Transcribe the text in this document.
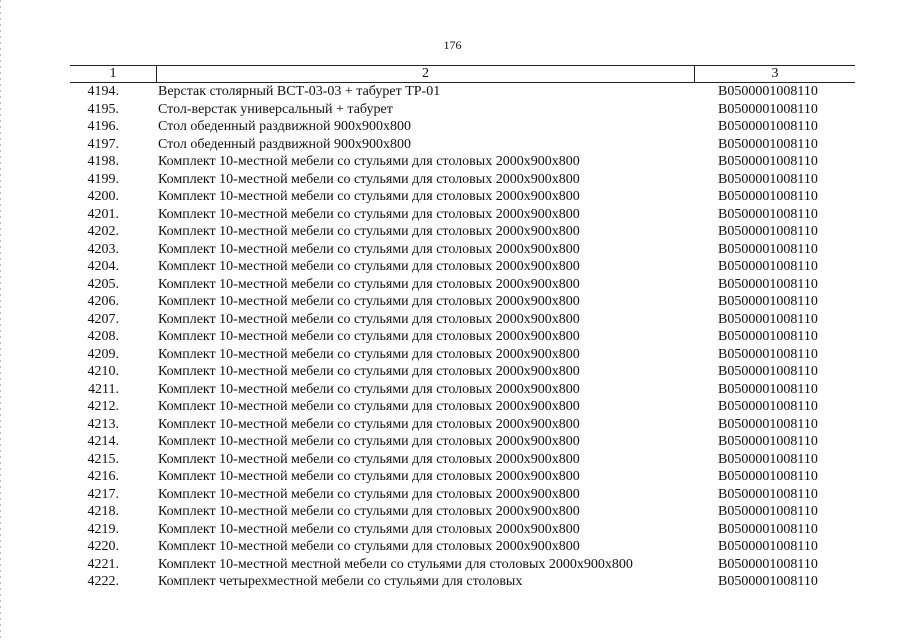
176
1	2	3
4194.	Верстак столярный ВСТ-03-03 + табурет ТР-01	B0500001008110
4195.	Стол-верстак универсальный + табурет	B0500001008110
4196.	Стол обеденный раздвижной 900х900х800	B0500001008110
4197.	Стол обеденный раздвижной 900х900х800	B0500001008110
4198.	Комплект 10-местной мебели со стульями для столовых 2000х900х800	B0500001008110
4199.	Комплект 10-местной мебели со стульями для столовых 2000х900х800	B0500001008110
4200.	Комплект 10-местной мебели со стульями для столовых 2000х900х800	B0500001008110
4201.	Комплект 10-местной мебели со стульями для столовых 2000х900х800	B0500001008110
4202.	Комплект 10-местной мебели со стульями для столовых 2000х900х800	B0500001008110
4203.	Комплект 10-местной мебели со стульями для столовых 2000х900х800	B0500001008110
4204.	Комплект 10-местной мебели со стульями для столовых 2000х900х800	B0500001008110
4205.	Комплект 10-местной мебели со стульями для столовых 2000х900х800	B0500001008110
4206.	Комплект 10-местной мебели со стульями для столовых 2000х900х800	B0500001008110
4207.	Комплект 10-местной мебели со стульями для столовых 2000х900х800	B0500001008110
4208.	Комплект 10-местной мебели со стульями для столовых 2000х900х800	B0500001008110
4209.	Комплект 10-местной мебели со стульями для столовых 2000х900х800	B0500001008110
4210.	Комплект 10-местной мебели со стульями для столовых 2000х900х800	B0500001008110
4211.	Комплект 10-местной мебели со стульями для столовых 2000х900х800	B0500001008110
4212.	Комплект 10-местной мебели со стульями для столовых 2000х900х800	B0500001008110
4213.	Комплект 10-местной мебели со стульями для столовых 2000х900х800	B0500001008110
4214.	Комплект 10-местной мебели со стульями для столовых 2000х900х800	B0500001008110
4215.	Комплект 10-местной мебели со стульями для столовых 2000х900х800	B0500001008110
4216.	Комплект 10-местной мебели со стульями для столовых 2000х900х800	B0500001008110
4217.	Комплект 10-местной мебели со стульями для столовых 2000х900х800	B0500001008110
4218.	Комплект 10-местной мебели со стульями для столовых 2000х900х800	B0500001008110
4219.	Комплект 10-местной мебели со стульями для столовых 2000х900х800	B0500001008110
4220.	Комплект 10-местной мебели со стульями для столовых 2000х900х800	B0500001008110
4221.	Комплект 10-местной местной мебели со стульями для столовых 2000х900х800	B0500001008110
4222.	Комплект четырехместной мебели со стульями для столовых	B0500001008110
